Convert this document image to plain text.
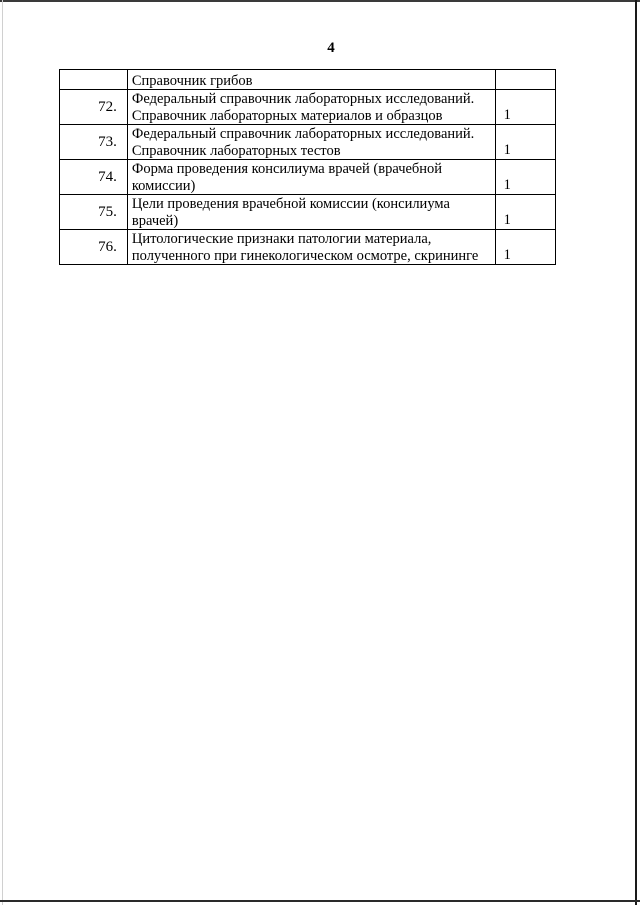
4

	Справочник грибов	

72.	Федеральный справочник лабораторных исследований.
Справочник лабораторных материалов и образцов	1
73.	Федеральный справочник лабораторных исследований.
Справочник лабораторных тестов	1
74.	Форма проведения консилиума врачей (врачебной
комиссии)	1
75.	Цели проведения врачебной комиссии (консилиума
врачей)	1
76.	Цитологические признаки патологии материала,
полученного при гинекологическом осмотре, скрининге	1
